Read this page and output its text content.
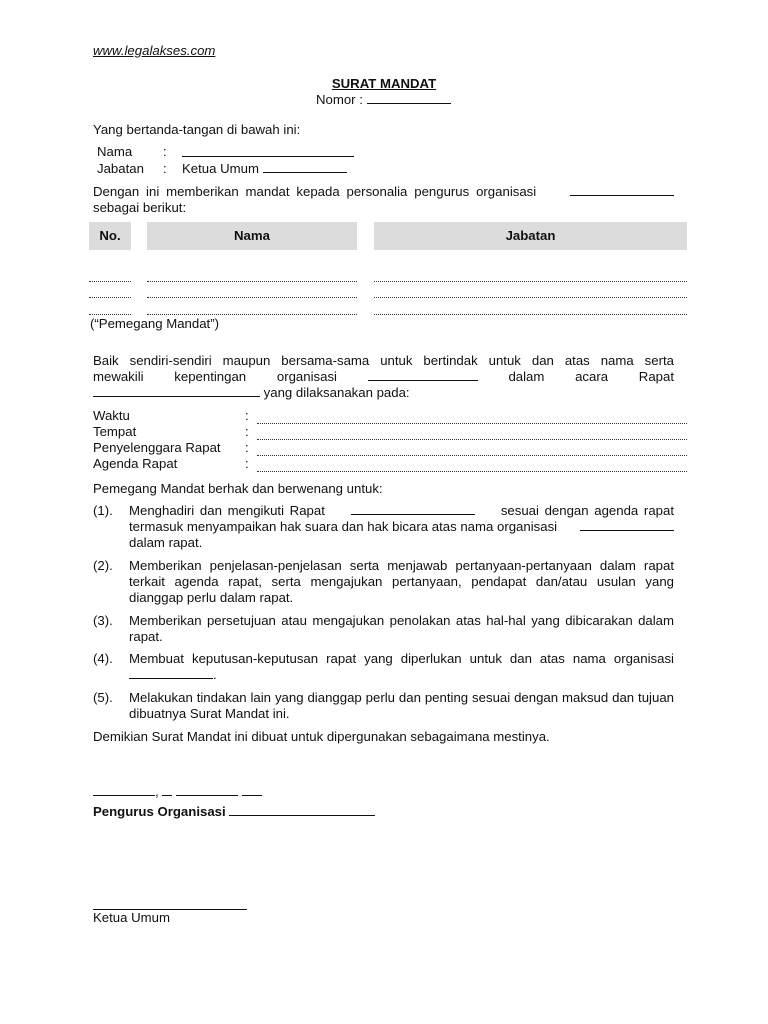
www.legalakses.com
SURAT MANDAT
Nomor :
Yang bertanda-tangan di bawah ini:
Nama :
Jabatan : Ketua Umum
Dengan ini memberikan mandat kepada personalia pengurus organisasi
sebagai berikut:
No.	Nama	Jabatan
(“Pemegang Mandat”)
Baik sendiri-sendiri maupun bersama-sama untuk bertindak untuk dan atas nama serta
mewakili kepentingan organisasi	dalam acara Rapat
yang dilaksanakan pada:
Waktu	:
Tempat	:
Penyelenggara Rapat :
Agenda Rapat	:
Pemegang Mandat berhak dan berwenang untuk:
(1).	Menghadiri dan mengikuti Rapat	sesuai dengan agenda rapat
termasuk menyampaikan hak suara dan hak bicara atas nama organisasi
dalam rapat.
(2).	Memberikan penjelasan-penjelasan serta menjawab pertanyaan-pertanyaan dalam rapat terkait agenda rapat, serta mengajukan pertanyaan, pendapat dan/atau usulan yang dianggap perlu dalam rapat.
(3).	Memberikan persetujuan atau mengajukan penolakan atas hal-hal yang dibicarakan dalam rapat.
(4).	Membuat keputusan-keputusan rapat yang diperlukan untuk dan atas nama organisasi
.
(5).	Melakukan tindakan lain yang dianggap perlu dan penting sesuai dengan maksud dan tujuan dibuatnya Surat Mandat ini.
Demikian Surat Mandat ini dibuat untuk dipergunakan sebagaimana mestinya.
,
Pengurus Organisasi
Ketua Umum
